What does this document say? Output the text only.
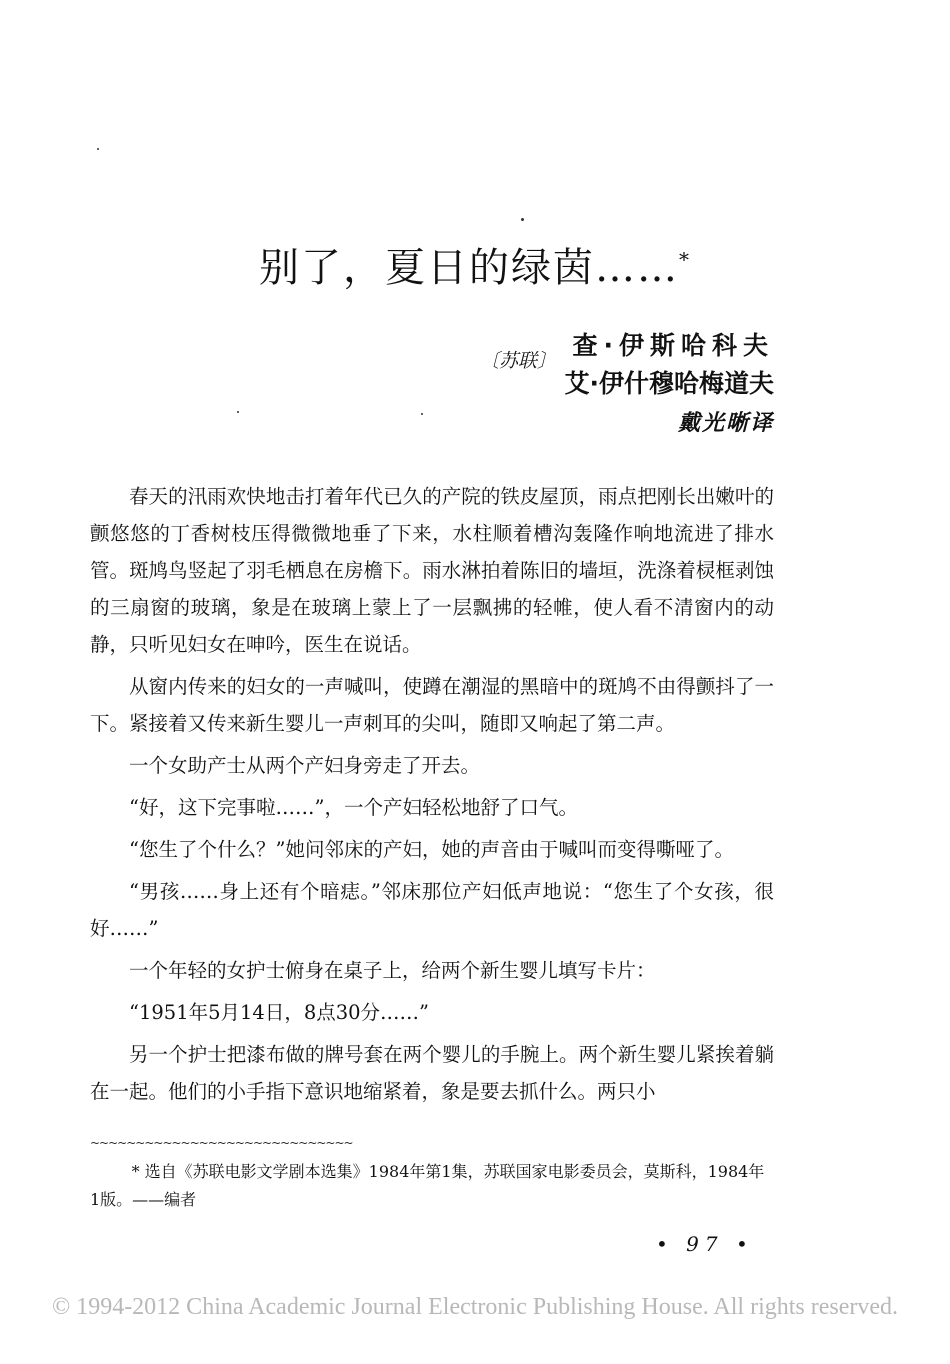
别了，夏日的绿茵……*
〔苏联〕
查·伊斯哈科夫
艾·伊什穆哈梅道夫
戴光晰译

春天的汛雨欢快地击打着年代已久的产院的铁皮屋顶，雨点把刚长出嫩叶的颤悠悠的丁香树枝压得微微地垂了下来，水柱顺着槽沟轰隆作响地流进了排水管。斑鸠鸟竖起了羽毛栖息在房檐下。雨水淋拍着陈旧的墙垣，洗涤着棂框剥蚀的三扇窗的玻璃，象是在玻璃上蒙上了一层飘拂的轻帷，使人看不清窗内的动静，只听见妇女在呻吟，医生在说话。

从窗内传来的妇女的一声喊叫，使蹲在潮湿的黑暗中的斑鸠不由得颤抖了一下。紧接着又传来新生婴儿一声刺耳的尖叫，随即又响起了第二声。

一个女助产士从两个产妇身旁走了开去。

“好，这下完事啦……”，一个产妇轻松地舒了口气。

“您生了个什么？”她问邻床的产妇，她的声音由于喊叫而变得嘶哑了。

“男孩……身上还有个暗痣。”邻床那位产妇低声地说：“您生了个女孩，很好……”

一个年轻的女护士俯身在桌子上，给两个新生婴儿填写卡片：

“1951年5月14日，8点30分……”

另一个护士把漆布做的牌号套在两个婴儿的手腕上。两个新生婴儿紧挨着躺在一起。他们的小手指下意识地缩紧着，象是要去抓什么。两只小

~~~~~~~~~~~~~~~~~~~~~~~~~~~~~
* 选自《苏联电影文学剧本选集》1984年第1集，苏联国家电影委员会，莫斯科，1984年1版。——编者
• 97 •
© 1994-2012 China Academic Journal Electronic Publishing House. All rights reserved.
